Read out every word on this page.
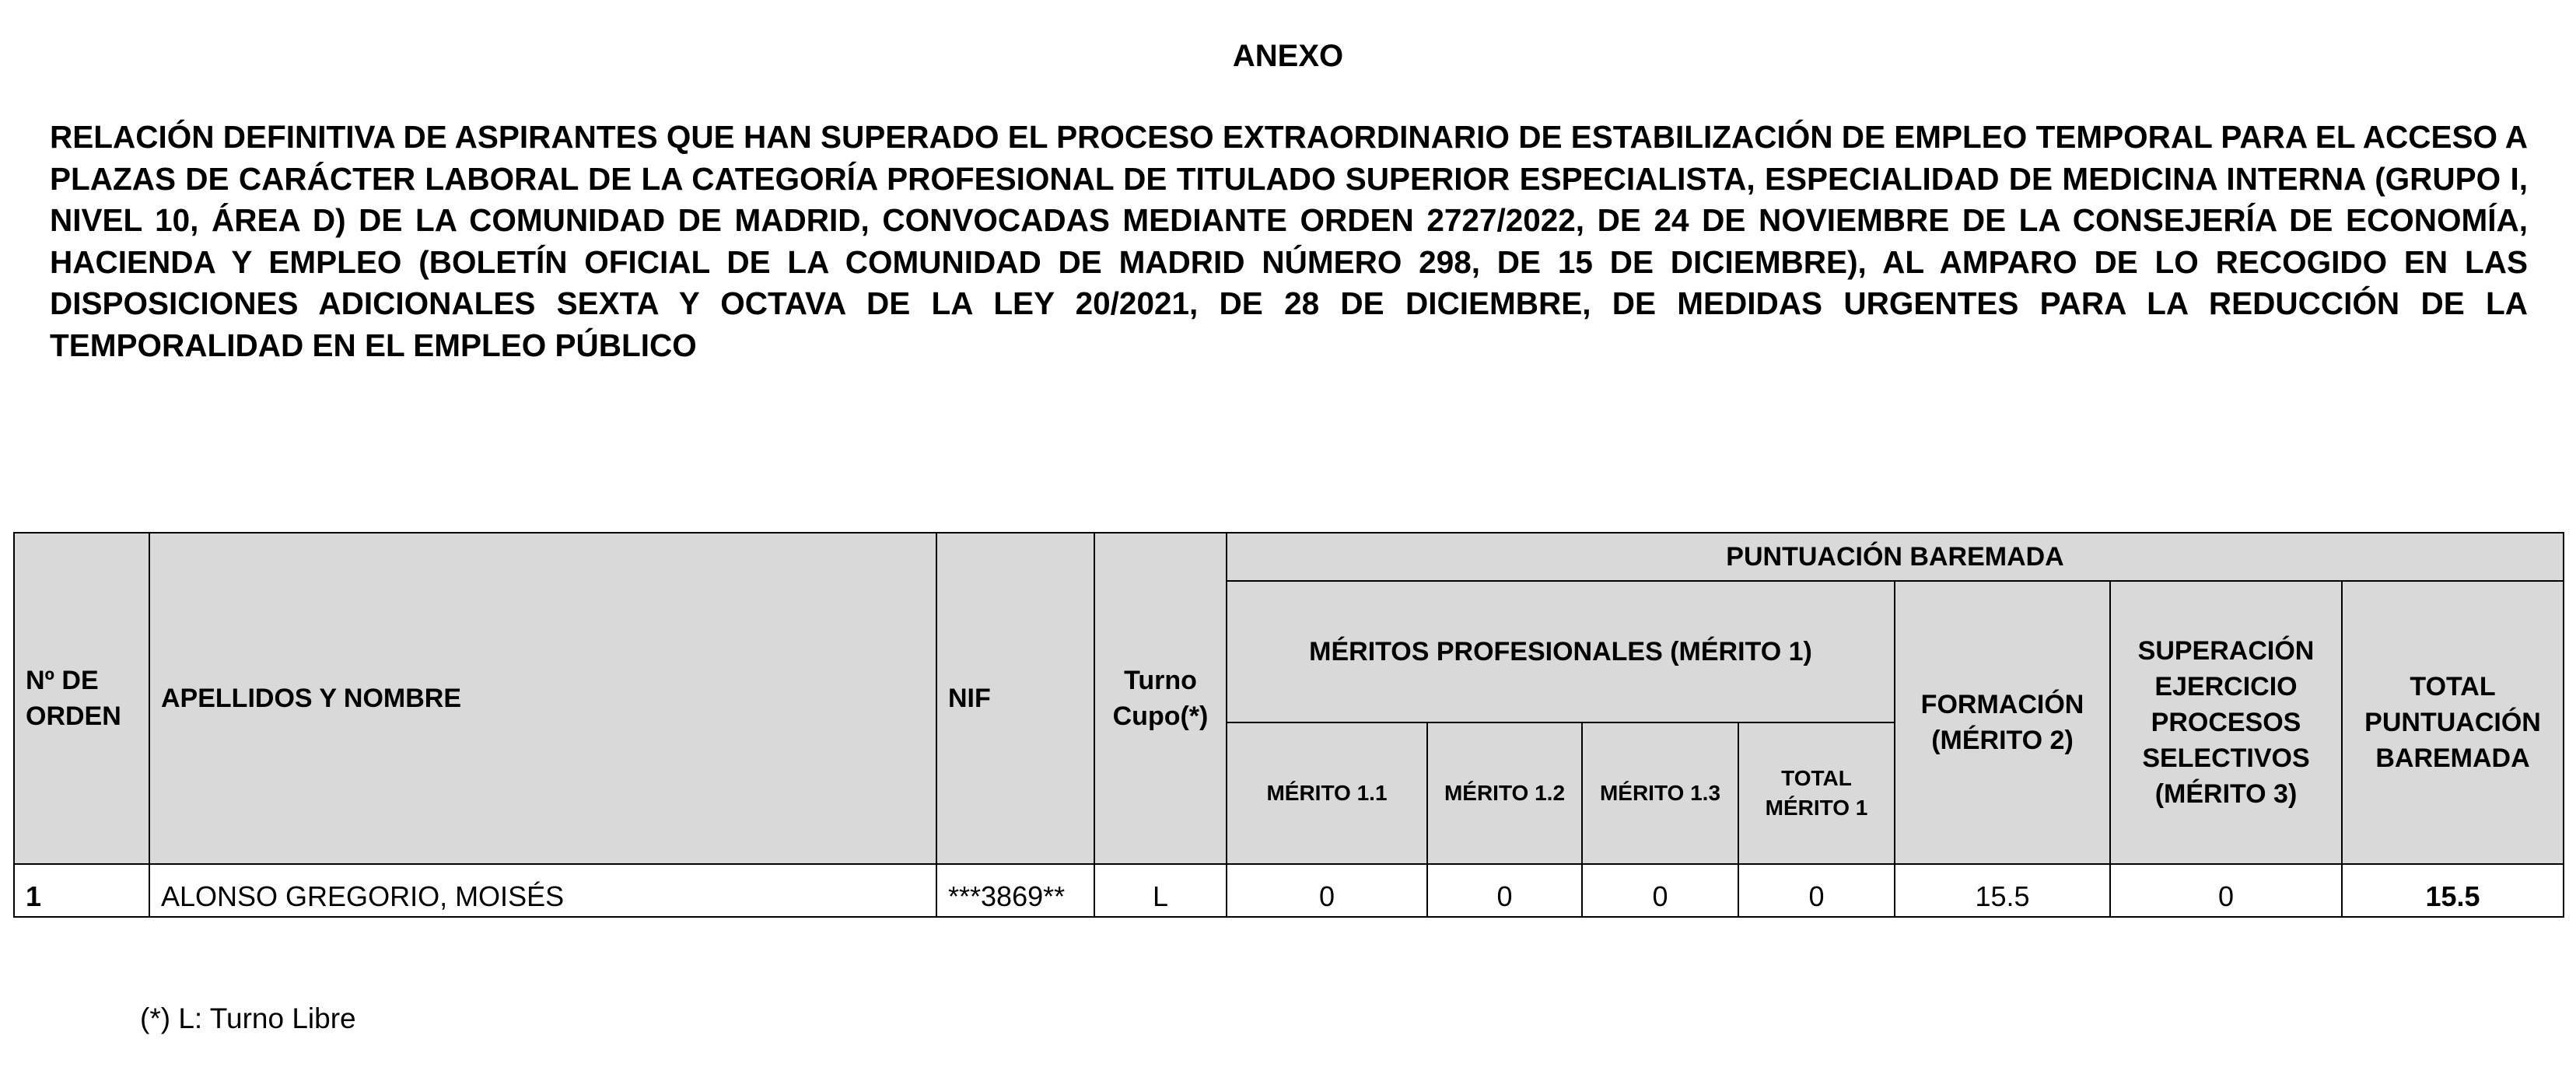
ANEXO
RELACIÓN DEFINITIVA DE ASPIRANTES QUE HAN SUPERADO EL PROCESO EXTRAORDINARIO DE ESTABILIZACIÓN DE EMPLEO TEMPORAL PARA EL ACCESO A PLAZAS DE CARÁCTER LABORAL DE LA CATEGORÍA PROFESIONAL DE TITULADO SUPERIOR ESPECIALISTA, ESPECIALIDAD DE MEDICINA INTERNA (GRUPO I, NIVEL 10, ÁREA D) DE LA COMUNIDAD DE MADRID, CONVOCADAS MEDIANTE ORDEN 2727/2022, DE 24 DE NOVIEMBRE DE LA CONSEJERÍA DE ECONOMÍA, HACIENDA Y EMPLEO (BOLETÍN OFICIAL DE LA COMUNIDAD DE MADRID NÚMERO 298, DE 15 DE DICIEMBRE), AL AMPARO DE LO RECOGIDO EN LAS DISPOSICIONES ADICIONALES SEXTA Y OCTAVA DE LA LEY 20/2021, DE 28 DE DICIEMBRE, DE MEDIDAS URGENTES PARA LA REDUCCIÓN DE LA TEMPORALIDAD EN EL EMPLEO PÚBLICO
Nº DE ORDEN	APELLIDOS Y NOMBRE	NIF	Turno Cupo(*)	PUNTUACIÓN BAREMADA						
				MÉRITOS PROFESIONALES (MÉRITO 1)				FORMACIÓN (MÉRITO 2)	SUPERACIÓN EJERCICIO PROCESOS SELECTIVOS (MÉRITO 3)	TOTAL PUNTUACIÓN BAREMADA
				MÉRITO 1.1	MÉRITO 1.2	MÉRITO 1.3	TOTAL MÉRITO 1			
1	ALONSO GREGORIO, MOISÉS	***3869**	L	0	0	0	0	15.5	0	15.5
(*) L: Turno Libre
